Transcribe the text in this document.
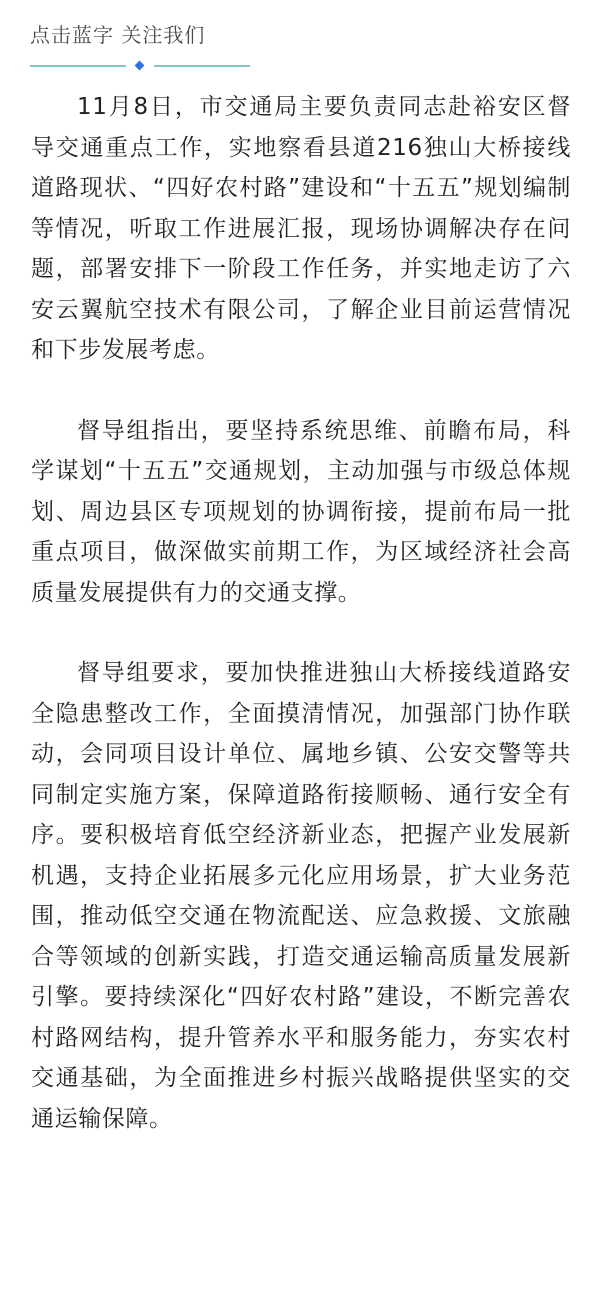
点击蓝字 关注我们

11月8日，市交通局主要负责同志赴裕安区督导交通重点工作，实地察看县道216独山大桥接线道路现状、“四好农村路”建设和“十五五”规划编制等情况，听取工作进展汇报，现场协调解决存在问题，部署安排下一阶段工作任务，并实地走访了六安云翼航空技术有限公司，了解企业目前运营情况和下步发展考虑。

督导组指出，要坚持系统思维、前瞻布局，科学谋划“十五五”交通规划，主动加强与市级总体规划、周边县区专项规划的协调衔接，提前布局一批重点项目，做深做实前期工作，为区域经济社会高质量发展提供有力的交通支撑。

督导组要求，要加快推进独山大桥接线道路安全隐患整改工作，全面摸清情况，加强部门协作联动，会同项目设计单位、属地乡镇、公安交警等共同制定实施方案，保障道路衔接顺畅、通行安全有序。要积极培育低空经济新业态，把握产业发展新机遇，支持企业拓展多元化应用场景，扩大业务范围，推动低空交通在物流配送、应急救援、文旅融合等领域的创新实践，打造交通运输高质量发展新引擎。要持续深化“四好农村路”建设，不断完善农村路网结构，提升管养水平和服务能力，夯实农村交通基础，为全面推进乡村振兴战略提供坚实的交通运输保障。
